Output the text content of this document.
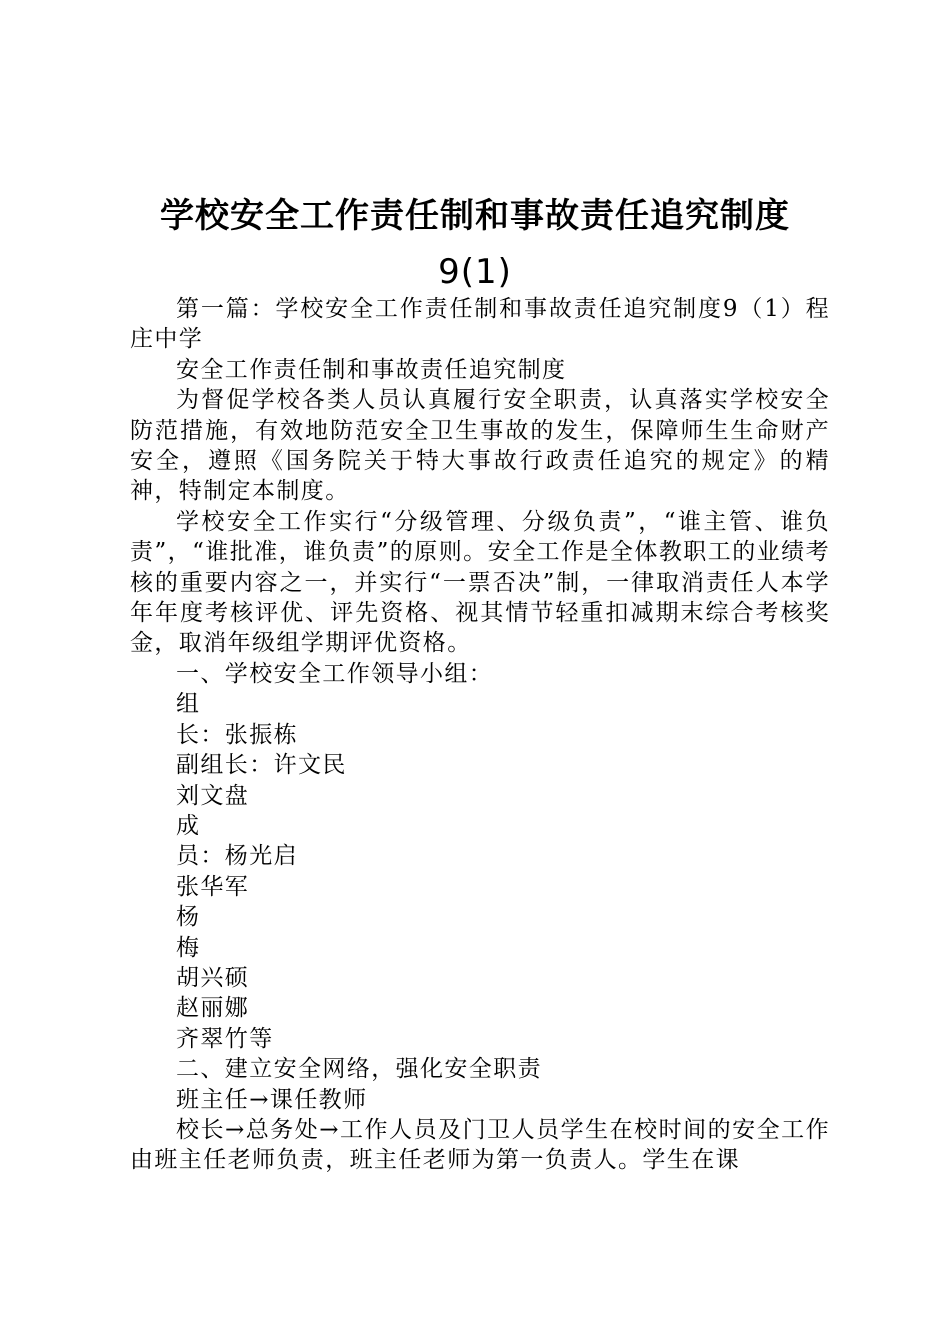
学校安全工作责任制和事故责任追究制度
9(1)

第一篇：学校安全工作责任制和事故责任追究制度9（1）程庄中学

安全工作责任制和事故责任追究制度

为督促学校各类人员认真履行安全职责，认真落实学校安全防范措施，有效地防范安全卫生事故的发生，保障师生生命财产安全，遵照《国务院关于特大事故行政责任追究的规定》的精神，特制定本制度。

学校安全工作实行“分级管理、分级负责”，“谁主管、谁负责”，“谁批准，谁负责”的原则。安全工作是全体教职工的业绩考核的重要内容之一，并实行“一票否决”制，一律取消责任人本学年年度考核评优、评先资格、视其情节轻重扣减期末综合考核奖金，取消年级组学期评优资格。

一、学校安全工作领导小组：

组

长：张振栋

副组长：许文民

刘文盘

成

员：杨光启

张华军

杨

梅

胡兴硕

赵丽娜

齐翠竹等

二、建立安全网络，强化安全职责

班主任→课任教师

校长→总务处→工作人员及门卫人员学生在校时间的安全工作由班主任老师负责，班主任老师为第一负责人。学生在课
